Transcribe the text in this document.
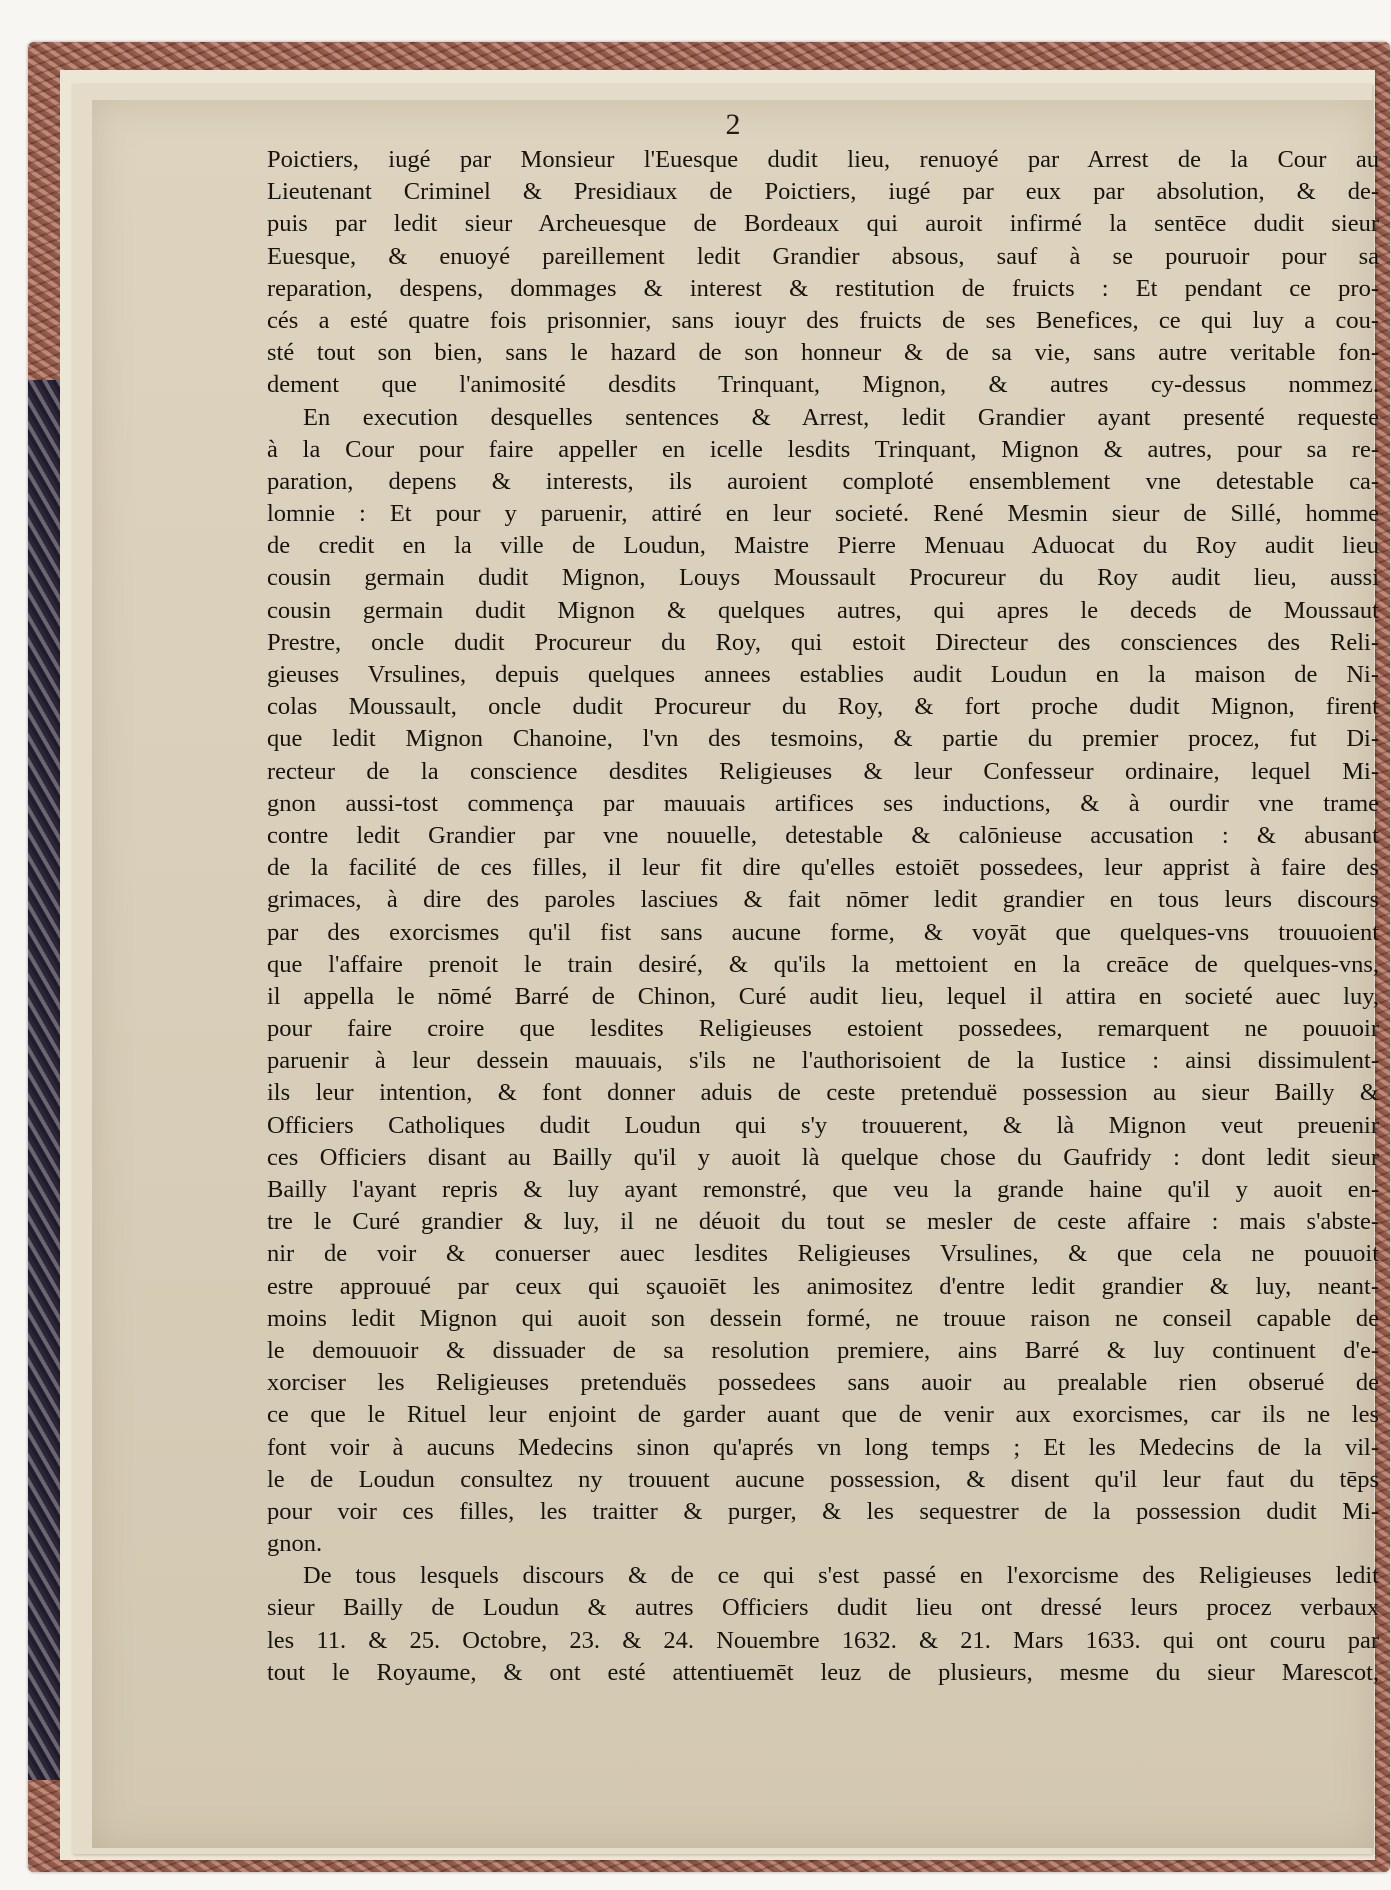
2
Poictiers, iugé par Monsieur l'Euesque dudit lieu, renuoyé par Arrest de la Cour au
Lieutenant Criminel & Presidiaux de Poictiers, iugé par eux par absolution, & de-
puis par ledit sieur Archeuesque de Bordeaux qui auroit infirmé la sentēce dudit sieur
Euesque, & enuoyé pareillement ledit Grandier absous, sauf à se pouruoir pour sa
reparation, despens, dommages & interest & restitution de fruicts : Et pendant ce pro-
cés a esté quatre fois prisonnier, sans iouyr des fruicts de ses Benefices, ce qui luy a cou-
sté tout son bien, sans le hazard de son honneur & de sa vie, sans autre veritable fon-
dement que l'animosité desdits Trinquant, Mignon, & autres cy-dessus nommez.
En execution desquelles sentences & Arrest, ledit Grandier ayant presenté requeste
à la Cour pour faire appeller en icelle lesdits Trinquant, Mignon & autres, pour sa re-
paration, depens & interests, ils auroient comploté ensemblement vne detestable ca-
lomnie : Et pour y paruenir, attiré en leur societé. René Mesmin sieur de Sillé, homme
de credit en la ville de Loudun, Maistre Pierre Menuau Aduocat du Roy audit lieu
cousin germain dudit Mignon, Louys Moussault Procureur du Roy audit lieu, aussi
cousin germain dudit Mignon & quelques autres, qui apres le deceds de Moussaut
Prestre, oncle dudit Procureur du Roy, qui estoit Directeur des consciences des Reli-
gieuses Vrsulines, depuis quelques annees establies audit Loudun en la maison de Ni-
colas Moussault, oncle dudit Procureur du Roy, & fort proche dudit Mignon, firent
que ledit Mignon Chanoine, l'vn des tesmoins, & partie du premier procez, fut Di-
recteur de la conscience desdites Religieuses & leur Confesseur ordinaire, lequel Mi-
gnon aussi-tost commença par mauuais artifices ses inductions, & à ourdir vne trame
contre ledit Grandier par vne nouuelle, detestable & calōnieuse accusation : & abusant
de la facilité de ces filles, il leur fit dire qu'elles estoiēt possedees, leur apprist à faire des
grimaces, à dire des paroles lasciues & fait nōmer ledit grandier en tous leurs discours
par des exorcismes qu'il fist sans aucune forme, & voyāt que quelques-vns trouuoient
que l'affaire prenoit le train desiré, & qu'ils la mettoient en la creāce de quelques-vns,
il appella le nōmé Barré de Chinon, Curé audit lieu, lequel il attira en societé auec luy,
pour faire croire que lesdites Religieuses estoient possedees, remarquent ne pouuoir
paruenir à leur dessein mauuais, s'ils ne l'authorisoient de la Iustice : ainsi dissimulent-
ils leur intention, & font donner aduis de ceste pretenduë possession au sieur Bailly &
Officiers Catholiques dudit Loudun qui s'y trouuerent, & là Mignon veut preuenir
ces Officiers disant au Bailly qu'il y auoit là quelque chose du Gaufridy : dont ledit sieur
Bailly l'ayant repris & luy ayant remonstré, que veu la grande haine qu'il y auoit en-
tre le Curé grandier & luy, il ne déuoit du tout se mesler de ceste affaire : mais s'abste-
nir de voir & conuerser auec lesdites Religieuses Vrsulines, & que cela ne pouuoit
estre approuué par ceux qui sçauoiēt les animositez d'entre ledit grandier & luy, neant-
moins ledit Mignon qui auoit son dessein formé, ne trouue raison ne conseil capable de
le demouuoir & dissuader de sa resolution premiere, ains Barré & luy continuent d'e-
xorciser les Religieuses pretenduës possedees sans auoir au prealable rien obserué de
ce que le Rituel leur enjoint de garder auant que de venir aux exorcismes, car ils ne les
font voir à aucuns Medecins sinon qu'aprés vn long temps ; Et les Medecins de la vil-
le de Loudun consultez ny trouuent aucune possession, & disent qu'il leur faut du tēps
pour voir ces filles, les traitter & purger, & les sequestrer de la possession dudit Mi-
gnon.
De tous lesquels discours & de ce qui s'est passé en l'exorcisme des Religieuses ledit
sieur Bailly de Loudun & autres Officiers dudit lieu ont dressé leurs procez verbaux
les 11. & 25. Octobre, 23. & 24. Nouembre 1632. & 21. Mars 1633. qui ont couru par
tout le Royaume, & ont esté attentiuemēt leuz de plusieurs, mesme du sieur Marescot,
